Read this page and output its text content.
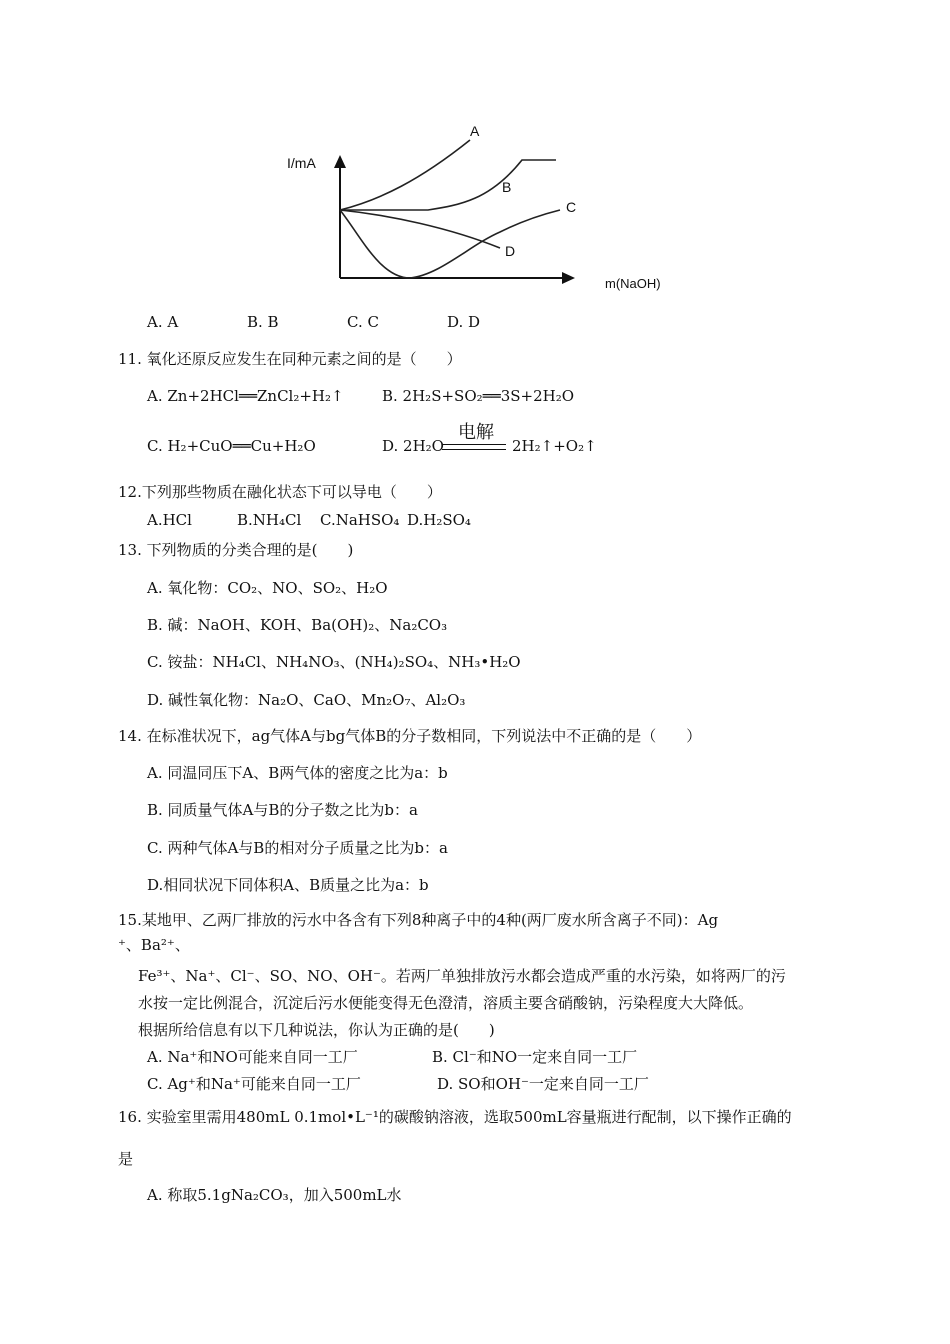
I/mA
m(NaOH)
A
B
C
D
A. A	B. B	C. C	D. D
11. 氧化还原反应发生在同种元素之间的是（　　）
A. Zn+2HCl══ZnCl₂+H₂↑	B. 2H₂S+SO₂══3S+2H₂O
C. H₂+CuO══Cu+H₂O	D. 2H₂O
电解
2H₂↑+O₂↑
12.下列那些物质在融化状态下可以导电（　　）
A.HCl	B.NH₄Cl C.NaHSO₄ D.H₂SO₄
13. 下列物质的分类合理的是(　　)
A. 氧化物：CO₂、NO、SO₂、H₂O
B. 碱：NaOH、KOH、Ba(OH)₂、Na₂CO₃
C. 铵盐：NH₄Cl、NH₄NO₃、(NH₄)₂SO₄、NH₃•H₂O
D. 碱性氧化物：Na₂O、CaO、Mn₂O₇、Al₂O₃
14. 在标准状况下，ag气体A与bg气体B的分子数相同，下列说法中不正确的是（　　）
A. 同温同压下A、B两气体的密度之比为a：b
B. 同质量气体A与B的分子数之比为b：a
C. 两种气体A与B的相对分子质量之比为b：a
D.相同状况下同体积A、B质量之比为a：b
15.某地甲、乙两厂排放的污水中各含有下列8种离子中的4种(两厂废水所含离子不同)：Ag
⁺、Ba²⁺、
Fe³⁺、Na⁺、Cl⁻、SO、NO、OH⁻。若两厂单独排放污水都会造成严重的水污染，如将两厂的污
水按一定比例混合，沉淀后污水便能变得无色澄清，溶质主要含硝酸钠，污染程度大大降低。
根据所给信息有以下几种说法，你认为正确的是(　　)
A. Na⁺和NO可能来自同一工厂	B. Cl⁻和NO一定来自同一工厂
C. Ag⁺和Na⁺可能来自同一工厂	D. SO和OH⁻一定来自同一工厂
16. 实验室里需用480mL 0.1mol•L⁻¹的碳酸钠溶液，选取500mL容量瓶进行配制，以下操作正确的
是
A. 称取5.1gNa₂CO₃，加入500mL水
